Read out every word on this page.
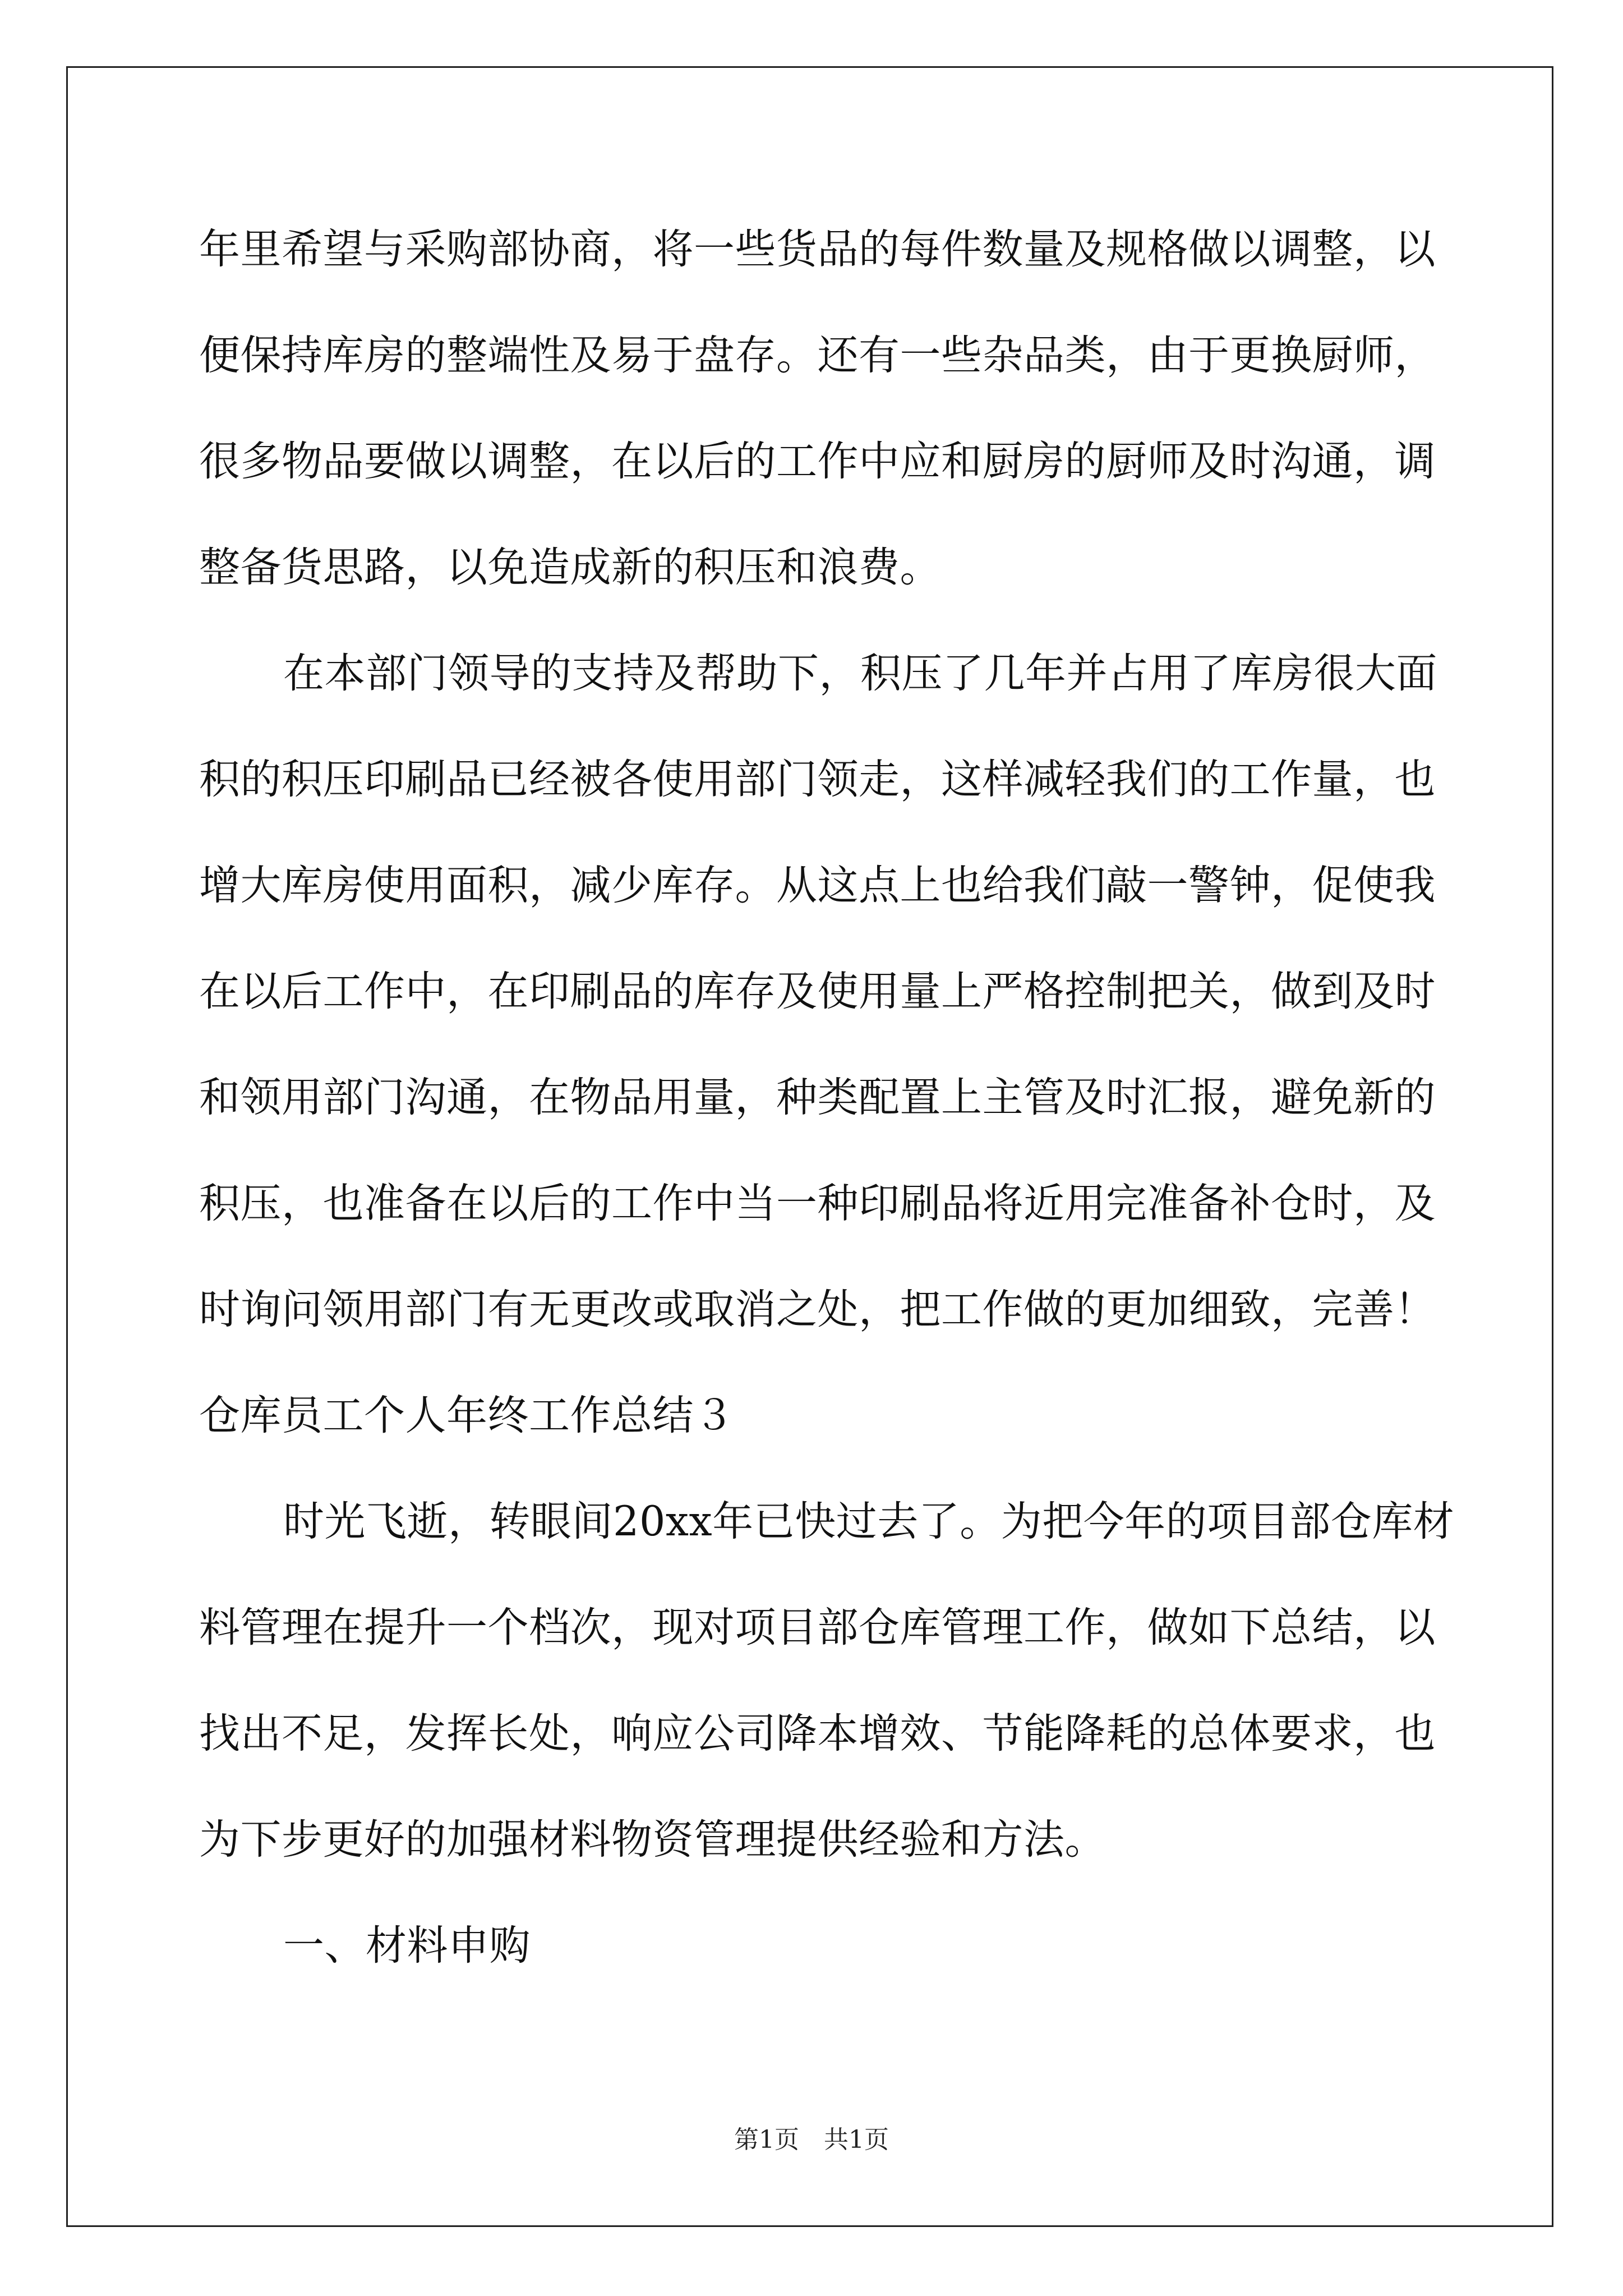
年里希望与采购部协商，将一些货品的每件数量及规格做以调整，以
便保持库房的整端性及易于盘存。还有一些杂品类，由于更换厨师，
很多物品要做以调整，在以后的工作中应和厨房的厨师及时沟通，调
整备货思路，以免造成新的积压和浪费。
在本部门领导的支持及帮助下，积压了几年并占用了库房很大面
积的积压印刷品已经被各使用部门领走，这样减轻我们的工作量，也
增大库房使用面积，减少库存。从这点上也给我们敲一警钟，促使我
在以后工作中，在印刷品的库存及使用量上严格控制把关，做到及时
和领用部门沟通，在物品用量，种类配置上主管及时汇报，避免新的
积压，也准备在以后的工作中当一种印刷品将近用完准备补仓时，及
时询问领用部门有无更改或取消之处，把工作做的更加细致，完善！
仓库员工个人年终工作总结３
时光飞逝，转眼间20xx年已快过去了。为把今年的项目部仓库材
料管理在提升一个档次，现对项目部仓库管理工作，做如下总结，以
找出不足，发挥长处，响应公司降本增效、节能降耗的总体要求，也
为下步更好的加强材料物资管理提供经验和方法。
一、材料申购
第1页　共1页
